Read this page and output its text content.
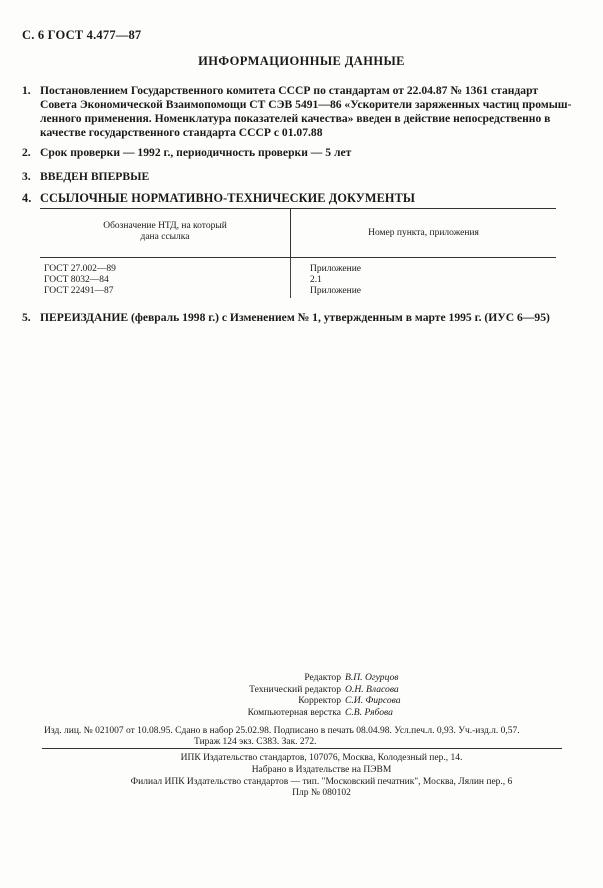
С. 6 ГОСТ 4.477—87
ИНФОРМАЦИОННЫЕ ДАННЫЕ

1. Постановлением Государственного комитета СССР по стандартам от 22.04.87 № 1361 стандарт

Совета Экономической Взаимопомощи СТ СЭВ 5491—86 «Ускорители заряженных частиц промыш-
ленного применения. Номенклатура показателей качества» введен в действие непосредственно в
качестве государственного стандарта СССР с 01.07.88
2. Срок проверки — 1992 г., периодичность проверки — 5 лет
3. ВВЕДЕН ВПЕРВЫЕ
4. ССЫЛОЧНЫЕ НОРМАТИВНО-ТЕХНИЧЕСКИЕ ДОКУМЕНТЫ
Обозначение НТД, на который
дана ссылка	Номер пункта, приложения
ГОСТ 27.002—89
ГОСТ 8032—84
ГОСТ 22491—87
Приложение
2.1
Приложение
5. ПЕРЕИЗДАНИЕ (февраль 1998 г.) с Изменением № 1, утвержденным в марте 1995 г. (ИУС 6—95)
Редактор В.П. Огурцов
Технический редактор О.Н. Власова
Корректор С.И. Фирсова
Компьютерная верстка С.В. Рябова
Изд. лиц. № 021007 от 10.08.95. Сдано в набор 25.02.98. Подписано в печать 08.04.98. Усл.печ.л. 0,93. Уч.-изд.л. 0,57.
Тираж 124 экз. С383. Зак. 272.
ИПК Издательство стандартов, 107076, Москва, Колодезный пер., 14.
Набрано в Издательстве на ПЭВМ
Филиал ИПК Издательство стандартов — тип. "Московский печатник", Москва, Лялин пер., 6
Плр № 080102
